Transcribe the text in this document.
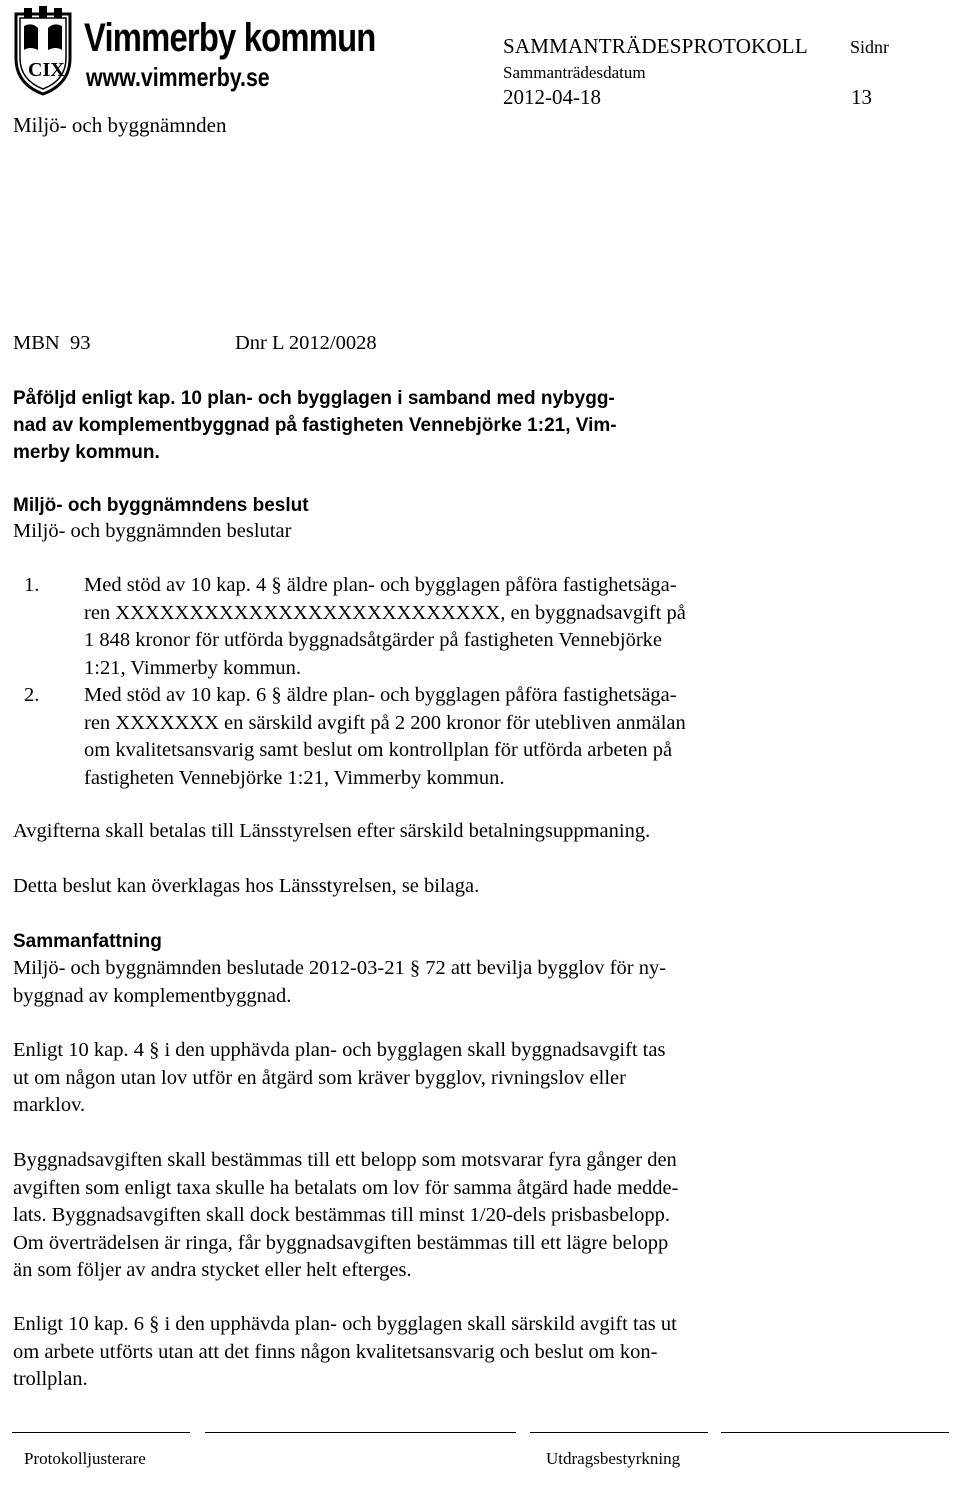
CIX
Vimmerby kommun
www.vimmerby.se
SAMMANTRÄDESPROTOKOLL Sidnr
Sammanträdesdatum
2012-04-18	13
Miljö- och byggnämnden
MBN  93	Dnr L 2012/0028
Påföljd enligt kap. 10 plan- och bygglagen i samband med nybygg-
nad av komplementbyggnad på fastigheten Vennebjörke 1:21, Vim-
merby kommun.
Miljö- och byggnämndens beslut
Miljö- och byggnämnden beslutar
1. Med stöd av 10 kap. 4 § äldre plan- och bygglagen påföra fastighetsäga-
ren XXXXXXXXXXXXXXXXXXXXXXXXXX, en byggnadsavgift på
1 848 kronor för utförda byggnadsåtgärder på fastigheten Vennebjörke
1:21, Vimmerby kommun.
2. Med stöd av 10 kap. 6 § äldre plan- och bygglagen påföra fastighetsäga-
ren XXXXXXX en särskild avgift på 2 200 kronor för utebliven anmälan
om kvalitetsansvarig samt beslut om kontrollplan för utförda arbeten på
fastigheten Vennebjörke 1:21, Vimmerby kommun.
Avgifterna skall betalas till Länsstyrelsen efter särskild betalningsuppmaning.
Detta beslut kan överklagas hos Länsstyrelsen, se bilaga.
Sammanfattning
Miljö- och byggnämnden beslutade 2012-03-21 § 72 att bevilja bygglov för ny-
byggnad av komplementbyggnad.
Enligt 10 kap. 4 § i den upphävda plan- och bygglagen skall byggnadsavgift tas
ut om någon utan lov utför en åtgärd som kräver bygglov, rivningslov eller
marklov.
Byggnadsavgiften skall bestämmas till ett belopp som motsvarar fyra gånger den
avgiften som enligt taxa skulle ha betalats om lov för samma åtgärd hade medde-
lats. Byggnadsavgiften skall dock bestämmas till minst 1/20-dels prisbasbelopp.
Om överträdelsen är ringa, får byggnadsavgiften bestämmas till ett lägre belopp
än som följer av andra stycket eller helt efterges.
Enligt 10 kap. 6 § i den upphävda plan- och bygglagen skall särskild avgift tas ut
om arbete utförts utan att det finns någon kvalitetsansvarig och beslut om kon-
trollplan.
Protokolljusterare	Utdragsbestyrkning
